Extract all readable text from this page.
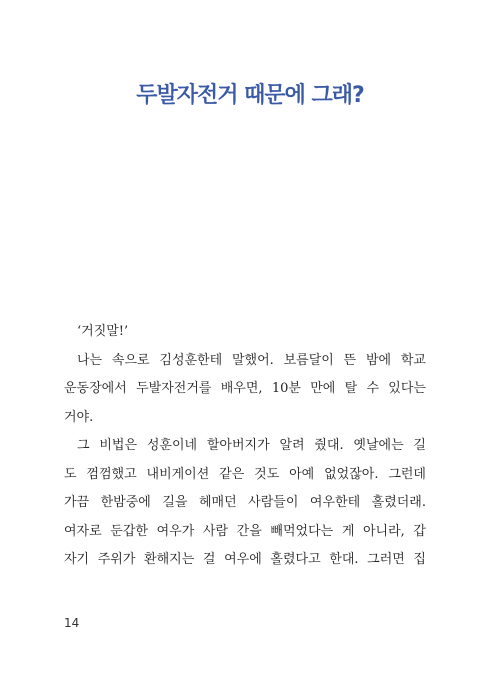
두발자전거 때문에 그래?
‘거짓말!’
나는 속으로 김성훈한테 말했어. 보름달이 뜬 밤에 학교
운동장에서 두발자전거를 배우면, 10분 만에 탈 수 있다는
거야.
그 비법은 성훈이네 할아버지가 알려 줬대. 옛날에는 길
도 껌껌했고 내비게이션 같은 것도 아예 없었잖아. 그런데
가끔 한밤중에 길을 헤매던 사람들이 여우한테 홀렸더래.
여자로 둔갑한 여우가 사람 간을 빼먹었다는 게 아니라, 갑
자기 주위가 환해지는 걸 여우에 홀렸다고 한대. 그러면 집
14
